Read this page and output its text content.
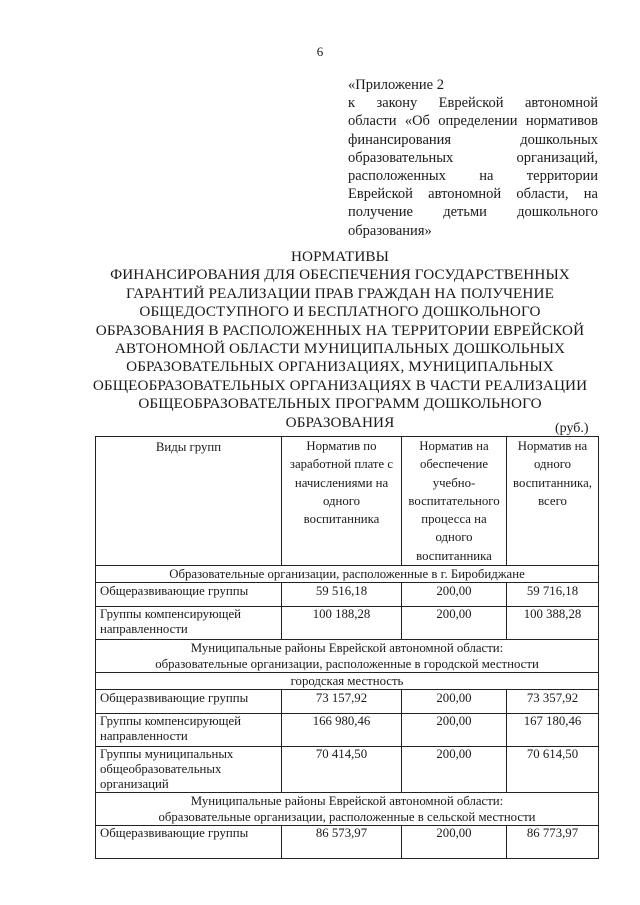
6
«Приложение 2
к закону Еврейской автономной
области «Об определении нормативов
финансирования дошкольных
образовательных организаций,
расположенных на территории
Еврейской автономной области, на
получение детьми дошкольного
образования»
НОРМАТИВЫ
ФИНАНСИРОВАНИЯ ДЛЯ ОБЕСПЕЧЕНИЯ ГОСУДАРСТВЕННЫХ
ГАРАНТИЙ РЕАЛИЗАЦИИ ПРАВ ГРАЖДАН НА ПОЛУЧЕНИЕ
ОБЩЕДОСТУПНОГО И БЕСПЛАТНОГО ДОШКОЛЬНОГО
ОБРАЗОВАНИЯ В РАСПОЛОЖЕННЫХ НА ТЕРРИТОРИИ ЕВРЕЙСКОЙ
АВТОНОМНОЙ ОБЛАСТИ МУНИЦИПАЛЬНЫХ ДОШКОЛЬНЫХ
ОБРАЗОВАТЕЛЬНЫХ ОРГАНИЗАЦИЯХ, МУНИЦИПАЛЬНЫХ
ОБЩЕОБРАЗОВАТЕЛЬНЫХ ОРГАНИЗАЦИЯХ В ЧАСТИ РЕАЛИЗАЦИИ
ОБЩЕОБРАЗОВАТЕЛЬНЫХ ПРОГРАММ ДОШКОЛЬНОГО
ОБРАЗОВАНИЯ	(руб.)
Виды групп	Норматив по заработной плате с начислениями на одного воспитанника	Норматив на обеспечение учебно-воспитательного процесса на одного воспитанника	Норматив на одного воспитанника, всего
Образовательные организации, расположенные в г. Биробиджане			
Общеразвивающие группы	59 516,18	200,00	59 716,18
Группы компенсирующей направленности	100 188,28	200,00	100 388,28

Муниципальные районы Еврейской автономной области:
образовательные организации, расположенные в городской местности			

городская местность			
Общеразвивающие группы	73 157,92	200,00	73 357,92
Группы компенсирующей направленности	166 980,46	200,00	167 180,46
Группы муниципальных общеобразовательных организаций	70 414,50	200,00	70 614,50

Муниципальные районы Еврейской автономной области:
образовательные организации, расположенные в сельской местности			

Общеразвивающие группы	86 573,97	200,00	86 773,97
